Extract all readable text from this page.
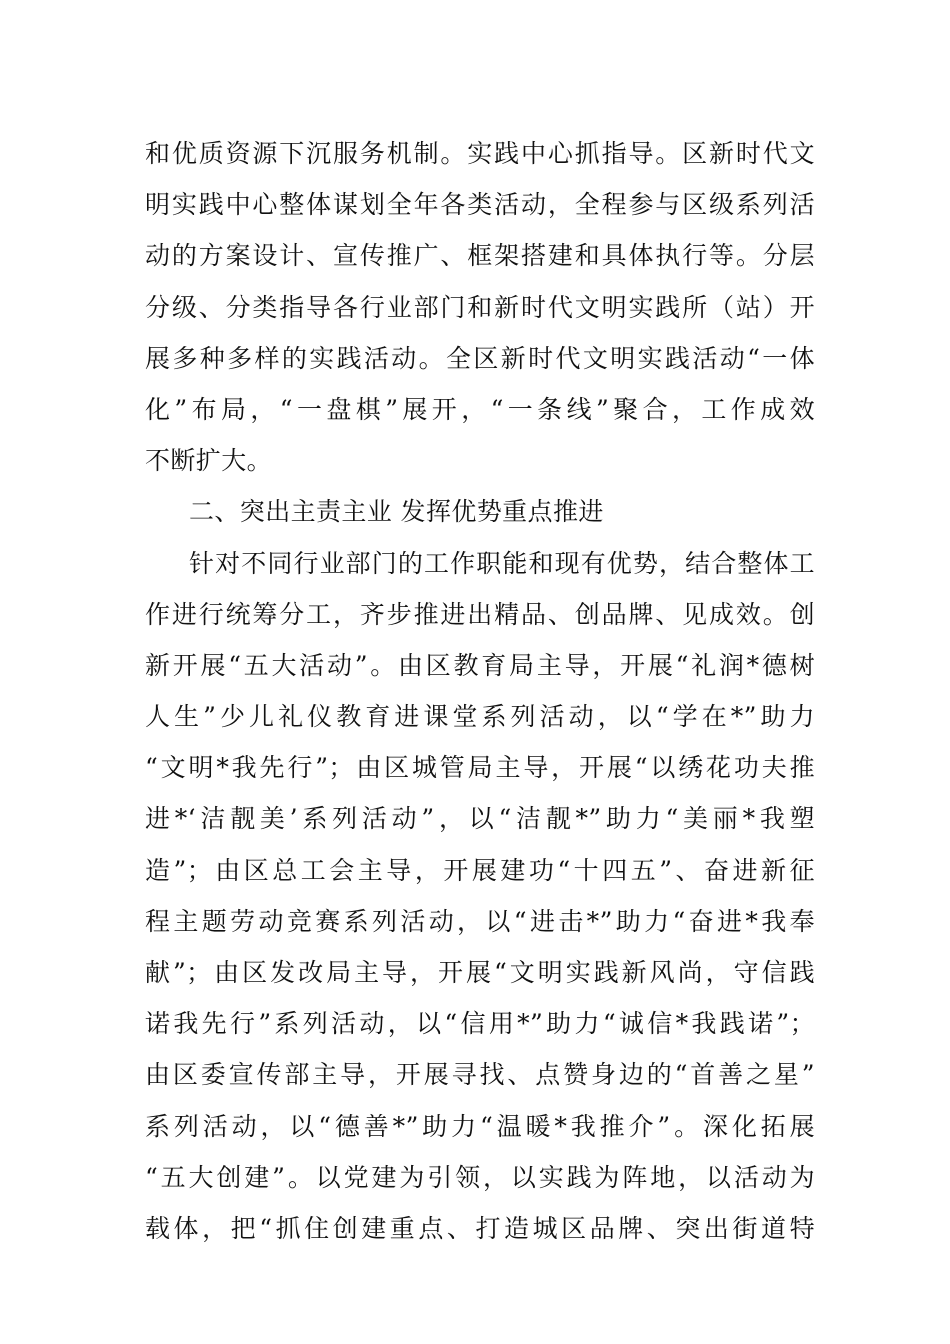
和优质资源下沉服务机制。实践中心抓指导。区新时代文
明实践中心整体谋划全年各类活动，全程参与区级系列活
动的方案设计、宣传推广、框架搭建和具体执行等。分层
分级、分类指导各行业部门和新时代文明实践所（站）开
展多种多样的实践活动。全区新时代文明实践活动“一体
化”布局，“一盘棋”展开，“一条线”聚合，工作成效
不断扩大。
二、突出主责主业 发挥优势重点推进
针对不同行业部门的工作职能和现有优势，结合整体工
作进行统筹分工，齐步推进出精品、创品牌、见成效。创
新开展“五大活动”。由区教育局主导，开展“礼润*德树
人生”少儿礼仪教育进课堂系列活动，以“学在*”助力
“文明*我先行”；由区城管局主导，开展“以绣花功夫推
进*‘洁靓美’系列活动”，以“洁靓*”助力“美丽*我塑
造”；由区总工会主导，开展建功“十四五”、奋进新征
程主题劳动竞赛系列活动，以“进击*”助力“奋进*我奉
献”；由区发改局主导，开展“文明实践新风尚，守信践
诺我先行”系列活动，以“信用*”助力“诚信*我践诺”；
由区委宣传部主导，开展寻找、点赞身边的“首善之星”
系列活动，以“德善*”助力“温暖*我推介”。深化拓展
“五大创建”。以党建为引领，以实践为阵地，以活动为
载体，把“抓住创建重点、打造城区品牌、突出街道特
